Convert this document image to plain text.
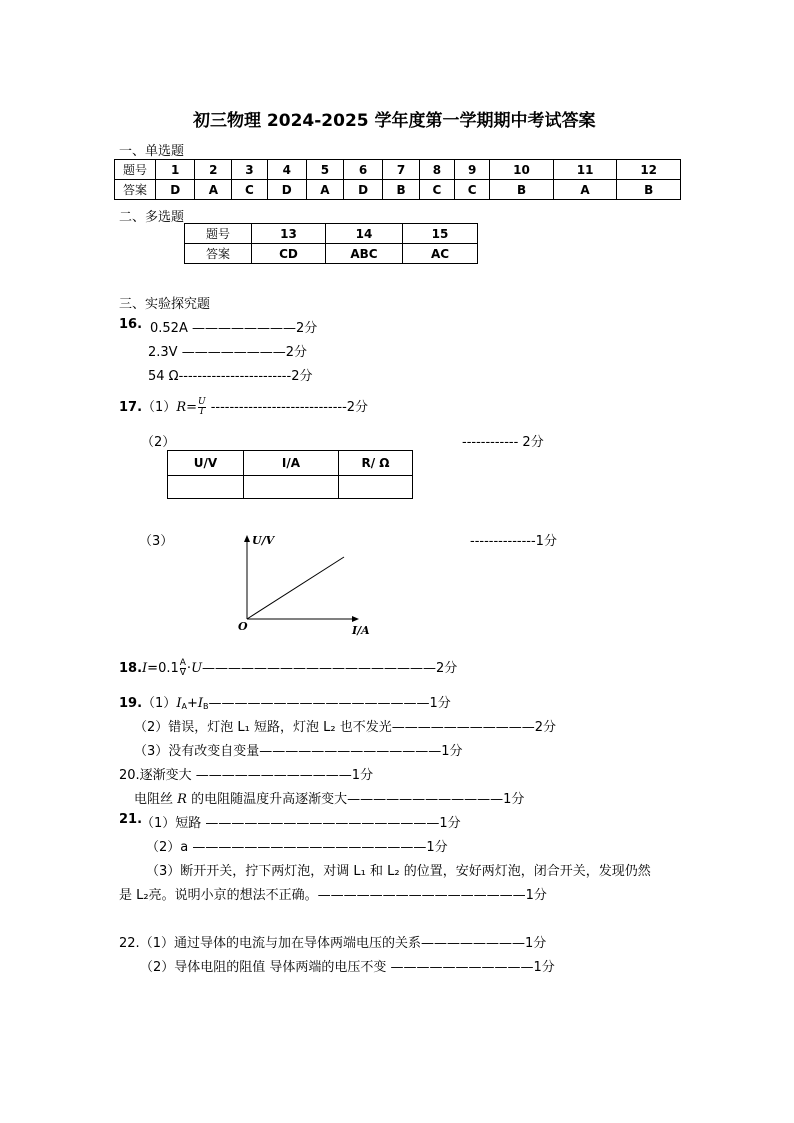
初三物理 2024-2025 学年度第一学期期中考试答案
一、单选题
题号	1	2	3	4	5	6	7	8	9	10	11	12
答案	D	A	C	D	A	D	B	C	C	B	A	B
二、多选题
题号	13	14	15
答案	CD	ABC	AC
三、实验探究题
16. 0.52A ————————2分
2.3V ————————2分
54 Ω------------------------2分
$17.(1)R= \frac{U}{I} -----------------------------2$分
（2）	------------ 2分
U/V	I/A	R/ Ω

（3）	--------------1分
U/V
I/A
O
$18.I=0.1 \frac{A}{V}$ ·U——————————————————2分
$19.(1)I_A+I_B—————————————————1$分
（2）错误，灯泡 L₁ 短路，灯泡 L₂ 也不发光———————————2分
（3）没有改变自变量——————————————1分
20.逐渐变大 ————————————1分
电阻丝 R 的电阻随温度升高逐渐变大————————————1分
21.
（1）短路 ——————————————————1分
（2）a ——————————————————1分
（3）断开开关，拧下两灯泡，对调 L₁ 和 L₂ 的位置，安好两灯泡，闭合开关，发现仍然
是 L₂亮。说明小京的想法不正确。————————————————1分
22.（1）通过导体的电流与加在导体两端电压的关系————————1分
（2）导体电阻的阻值 导体两端的电压不变 ———————————1分
